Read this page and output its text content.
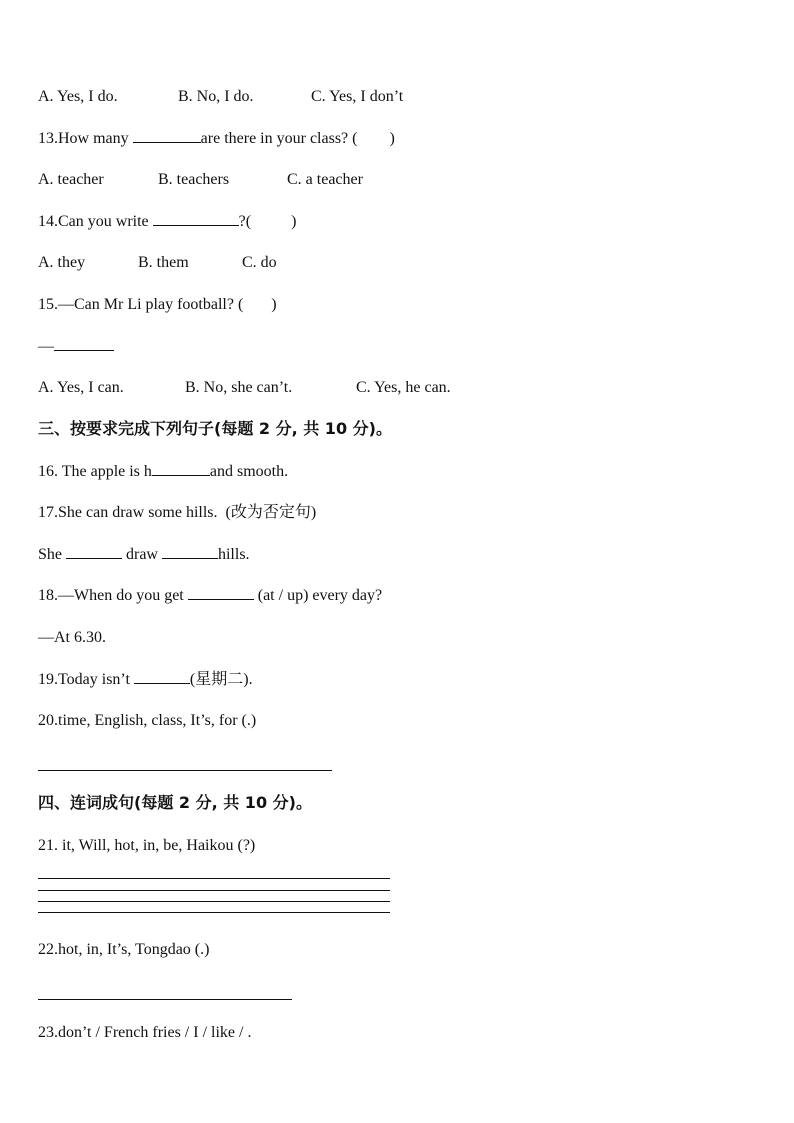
A. Yes, I do.	B. No, I do.	C. Yes, I don’t
13.How many	are there in your class? (        )
A. teacher	B. teachers	C. a teacher
14.Can you write	?(          )
A. they	B. them	C. do
15.—Can Mr Li play football? (       )
—
A. Yes, I can.	B. No, she can’t.	C. Yes, he can.
三、按要求完成下列句子(每题 2 分, 共 10 分)。
16. The apple is h	and smooth.
17.She can draw some hills. (改为否定句)
She	draw	hills.
18.—When do you get	(at / up) every day?
—At 6.30.
19.Today isn’t	(星期二).
20.time, English, class, It’s, for (.)
四、连词成句(每题 2 分, 共 10 分)。
21. it, Will, hot, in, be, Haikou (?)
22.hot, in, It’s, Tongdao (.)
23.don’t / French fries / I / like / .
